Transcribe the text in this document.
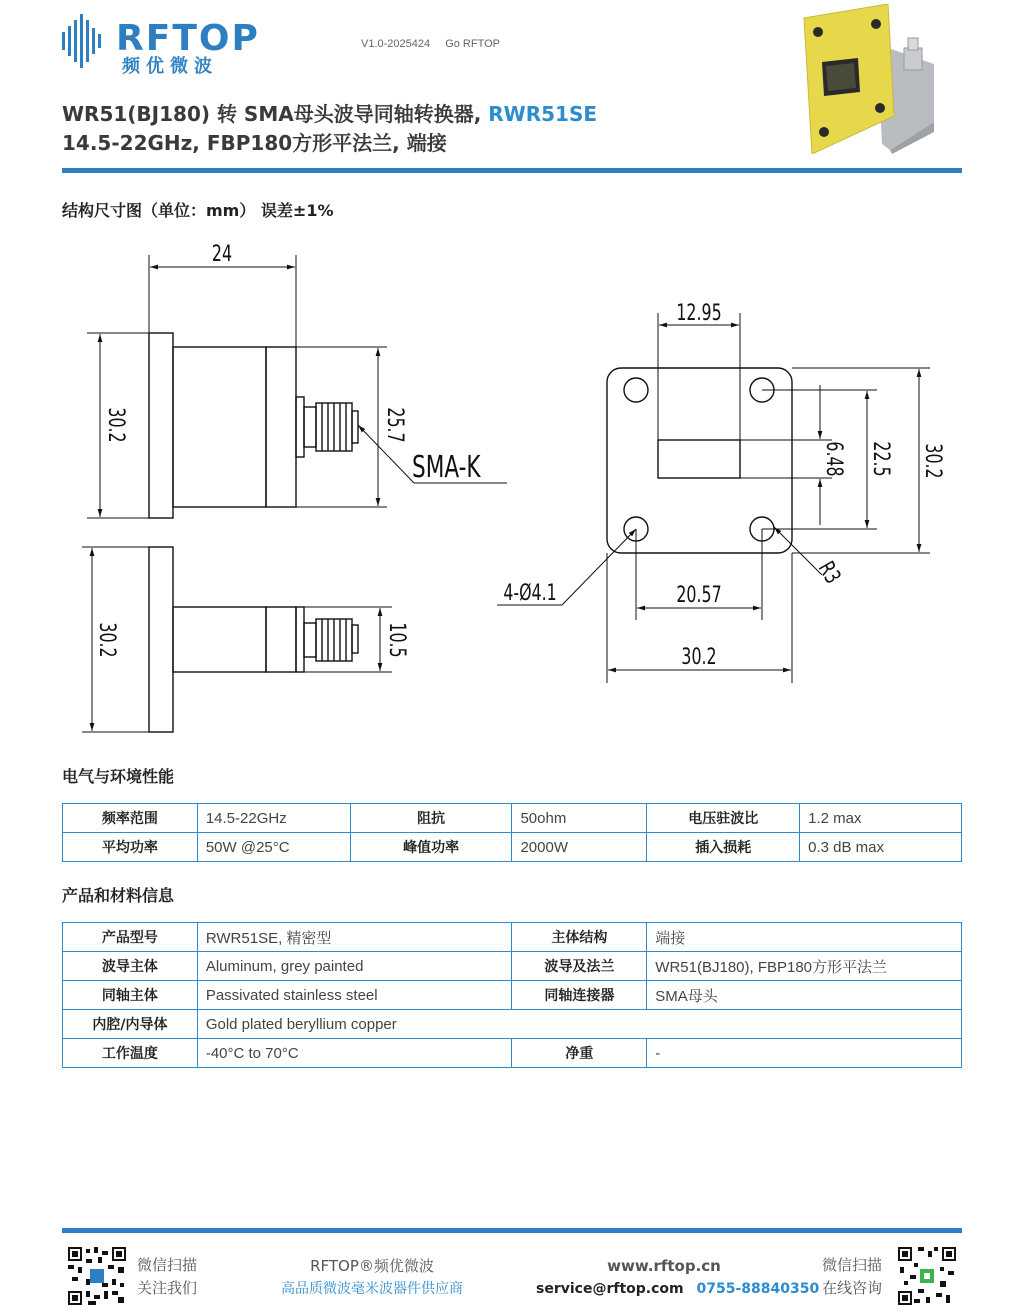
RFTOP
频优微波
V1.0-2025424 Go RFTOP
WR51(BJ180) 转 SMA母头波导同轴转换器, RWR51SE
14.5-22GHz, FBP180方形平法兰, 端接
结构尺寸图（单位：mm） 误差±1%
24
30.2	25.7
SMA-K
30.2	10.5
12.95
6.48 22.5 30.2
4-Ø4.1	20.57
30.2
R3
电气与环境性能
频率范围	14.5-22GHz	阻抗	50ohm	电压驻波比	1.2 max
平均功率	50W @25°C	峰值功率	2000W	插入损耗	0.3 dB max
产品和材料信息
产品型号	RWR51SE, 精密型	主体结构	端接
波导主体	Aluminum, grey painted	波导及法兰	WR51(BJ180), FBP180方形平法兰
同轴主体	Passivated stainless steel	同轴连接器	SMA母头
内腔/内导体	Gold plated beryllium copper		
工作温度	-40°C to 70°C	净重	-
微信扫描
关注我们
RFTOP®频优微波
高品质微波毫米波器件供应商
www.rftop.cn
service@rftop.com 0755-88840350
微信扫描
在线咨询
